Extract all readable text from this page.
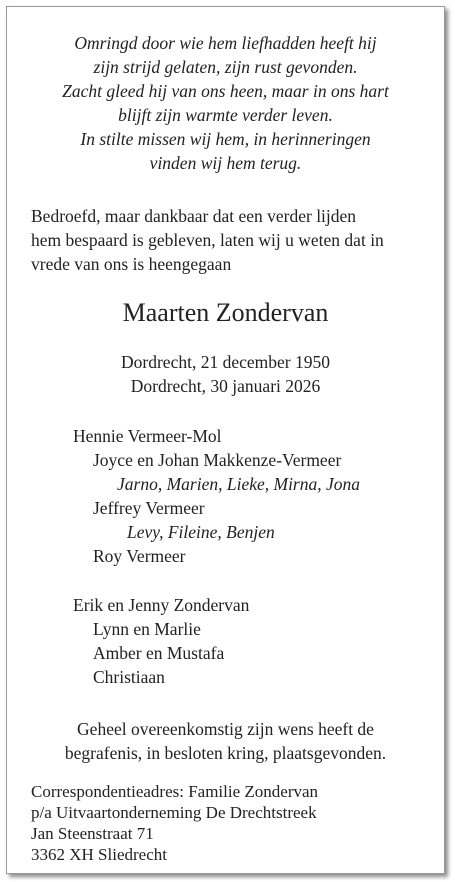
Omringd door wie hem liefhadden heeft hij
zijn strijd gelaten, zijn rust gevonden.
Zacht gleed hij van ons heen, maar in ons hart
blijft zijn warmte verder leven.
In stilte missen wij hem, in herinneringen
vinden wij hem terug.
Bedroefd, maar dankbaar dat een verder lijden
hem bespaard is gebleven, laten wij u weten dat in
vrede van ons is heengegaan
Maarten Zondervan
Dordrecht, 21 december 1950
Dordrecht, 30 januari 2026
Hennie Vermeer-Mol
Joyce en Johan Makkenze-Vermeer
Jarno, Marien, Lieke, Mirna, Jona
Jeffrey Vermeer
Levy, Fileine, Benjen
Roy Vermeer
Erik en Jenny Zondervan
Lynn en Marlie
Amber en Mustafa
Christiaan
Geheel overeenkomstig zijn wens heeft de
begrafenis, in besloten kring, plaatsgevonden.
Correspondentieadres: Familie Zondervan
p/a Uitvaartonderneming De Drechtstreek
Jan Steenstraat 71
3362 XH Sliedrecht
